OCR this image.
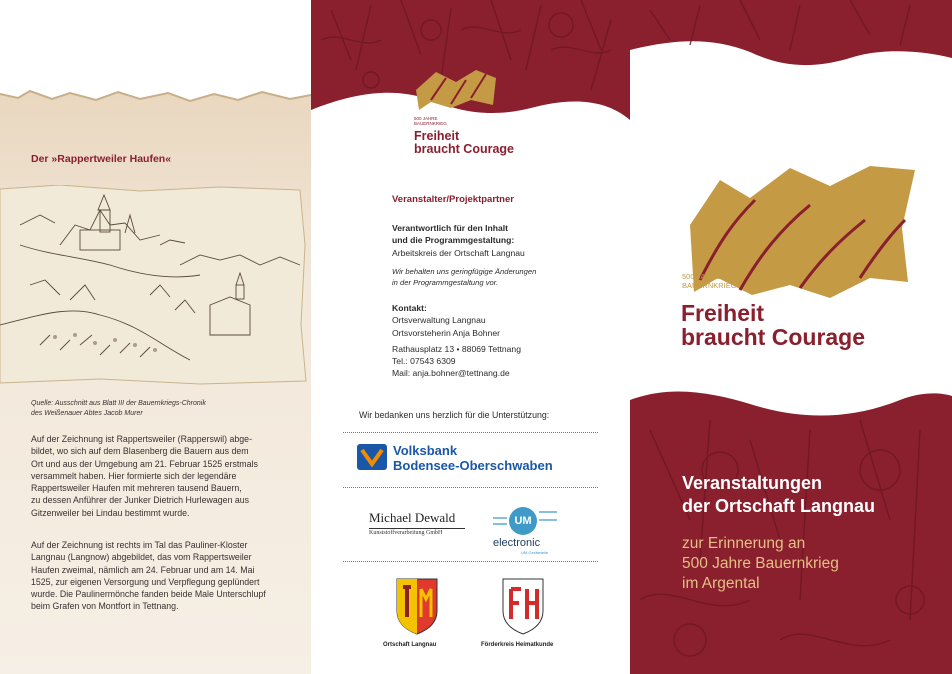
Der »Rappertweiler Haufen«
Quelle: Ausschnitt aus Blatt III der Bauernkriegs-Chronik
des Weißenauer Abtes Jacob Murer
Auf der Zeichnung ist Rappertsweiler (Rapperswil) abge-
bildet, wo sich auf dem Blasenberg die Bauern aus dem
Ort und aus der Umgebung am 21. Februar 1525 erstmals
versammelt haben. Hier formierte sich der legendäre
Rappertsweiler Haufen mit mehreren tausend Bauern,
zu dessen Anführer der Junker Dietrich Hurlewagen aus
Gitzenweiler bei Lindau bestimmt wurde.
Auf der Zeichnung ist rechts im Tal das Pauliner-Kloster
Langnau (Langnow) abgebildet, das vom Rappertsweiler
Haufen zweimal, nämlich am 24. Februar und am 14. Mai
1525, zur eigenen Versorgung und Verpflegung geplündert
wurde. Die Paulinermönche fanden beide Male Unterschlupf
beim Grafen von Montfort in Tettnang.
500 JAHRE
BAUERNKRIEG
Freiheit
braucht Courage
Veranstalter/Projektpartner
Verantwortlich für den Inhalt
und die Programmgestaltung:
Arbeitskreis der Ortschaft Langnau
Wir behalten uns geringfügige Änderungen
in der Programmgestaltung vor.
Kontakt:
Ortsverwaltung Langnau
Ortsvorsteherin Anja Bohner
Rathausplatz 13 • 88069 Tettnang
Tel.: 07543 6309
Mail: anja.bohner@tettnang.de
Wir bedanken uns herzlich für die Unterstützung:
Volksbank
Bodensee-Oberschwaben
Michael Dewald
Kunststoffverarbeitung GmbH
UM
electronic
UM-Geräteteile
Ortschaft Langnau	Förderkreis Heimatkunde
500 JAHRE
BAUERNKRIEG
Freiheit
braucht Courage
Veranstaltungen
der Ortschaft Langnau
zur Erinnerung an
500 Jahre Bauernkrieg
im Argental
